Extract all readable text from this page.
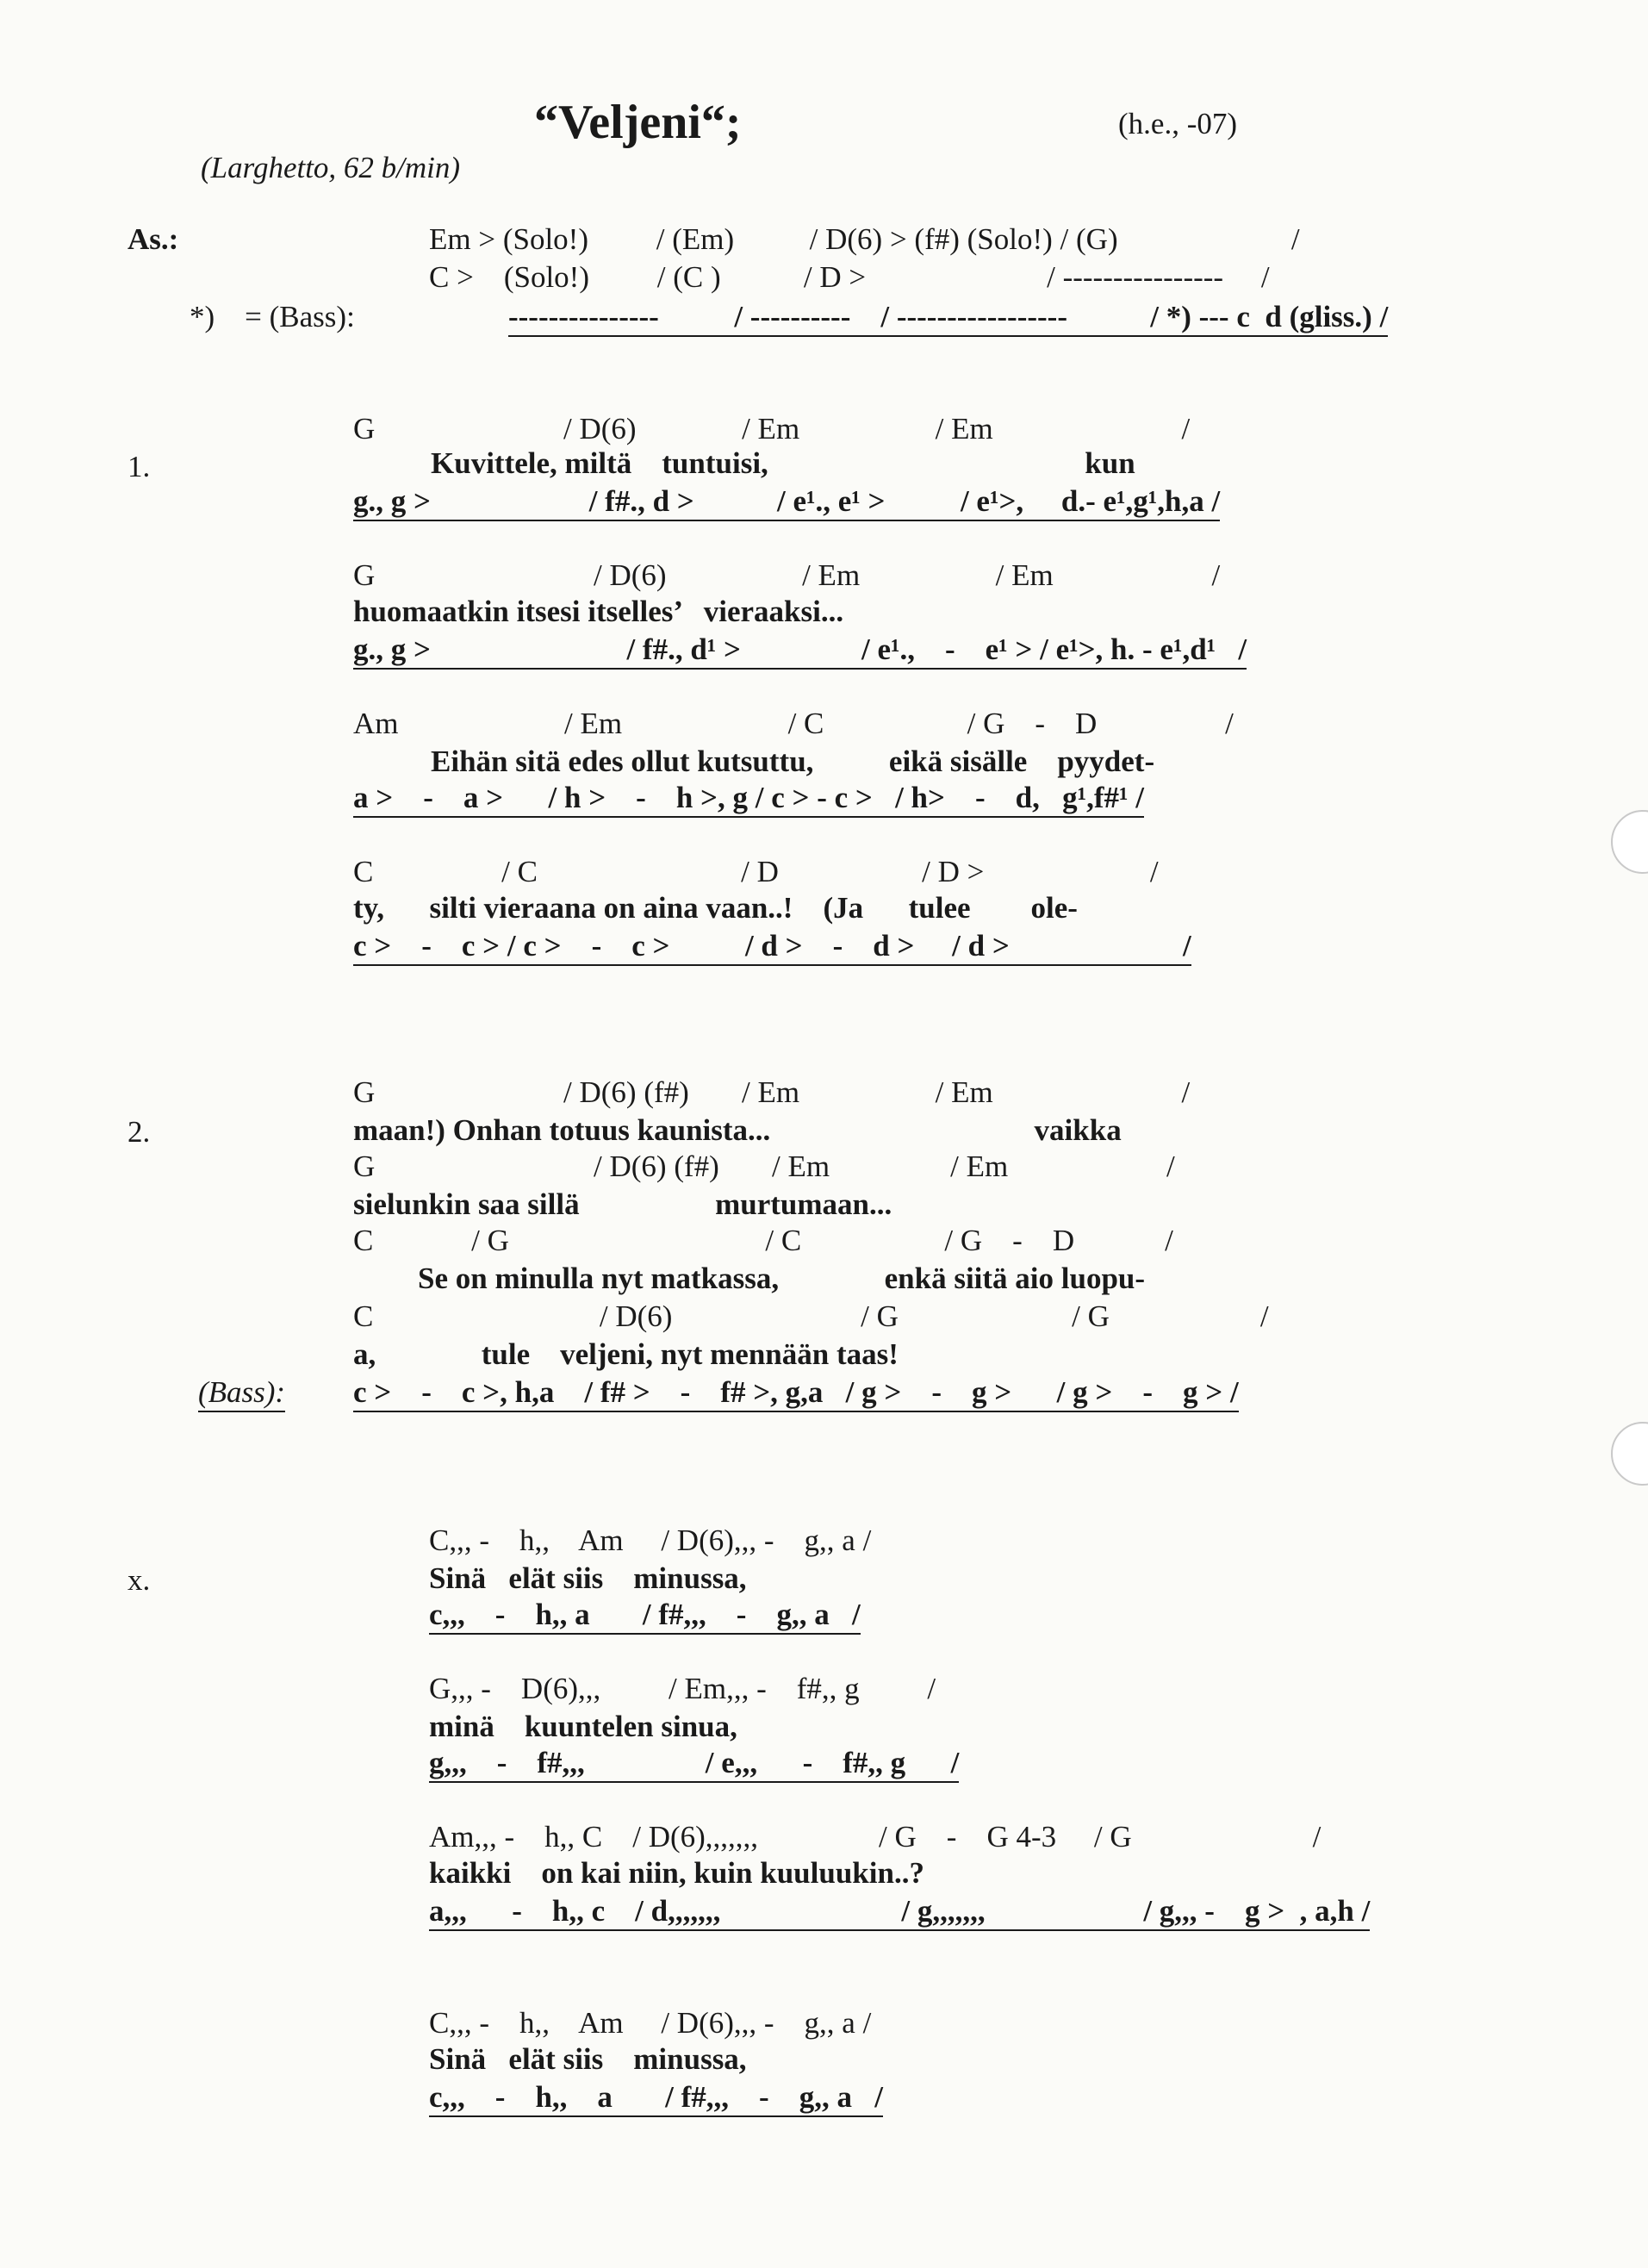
“Veljeni“;	(h.e., -07)
(Larghetto, 62 b/min)
As.:	Em > (Solo!)         / (Em)          / D(6) > (f#) (Solo!) / (G)                       /
C >    (Solo!)         / (C )           / D >                        / ----------------     /
*)    = (Bass):	---------------          / ----------    / -----------------           / *) --- c  d (gliss.) /
G                         / D(6)              / Em                  / Em                         /
1.	Kuvittele, miltä    tuntuisi,                                          kun
g., g >                     / f#., d >           / e¹., e¹ >          / e¹>,     d.- e¹,g¹,h,a /
G                             / D(6)                  / Em                  / Em                     /
huomaatkin itsesi itselles’   vieraaksi...
g., g >                          / f#., d¹ >                / e¹.,    -    e¹ > / e¹>, h. - e¹,d¹   /
Am                      / Em                      / C                   / G    -    D                 /
Eihän sitä edes ollut kutsuttu,          eikä sisälle    pyydet-
a >    -    a >      / h >    -    h >, g / c > - c >   / h>    -    d,   g¹,f#¹ /
C                 / C                           / D                   / D >                      /
ty,      silti vieraana on aina vaan..!    (Ja      tulee        ole-
c >    -    c > / c >    -    c >          / d >    -    d >     / d >                       /
G                         / D(6) (f#)       / Em                  / Em                         /
2.	maan!) Onhan totuus kaunista...                                   vaikka
G                             / D(6) (f#)       / Em                / Em                     /
sielunkin saa sillä                  murtumaan...
C             / G                                  / C                   / G    -    D            /
Se on minulla nyt matkassa,              enkä siitä aio luopu-
C                              / D(6)                         / G                       / G                    /
a,              tule    veljeni, nyt mennään taas!
(Bass): c >    -    c >, h,a    / f# >    -    f# >, g,a   / g >    -    g >      / g >    -    g > /
C,,, -    h,,    Am     / D(6),,, -    g,, a /
x.	Sinä   elät siis    minussa,
c,,,    -    h,, a       / f#,,,    -    g,, a   /
G,,, -    D(6),,,         / Em,,, -    f#,, g         /
minä    kuuntelen sinua,
g,,,    -    f#,,,                / e,,,      -    f#,, g      /
Am,,, -    h,, C    / D(6),,,,,,,                / G    -    G 4-3     / G                        /
kaikki    on kai niin, kuin kuuluukin..?
a,,,      -    h,, c    / d,,,,,,,                        / g,,,,,,,                     / g,,, -    g >  , a,h /
C,,, -    h,,    Am     / D(6),,, -    g,, a /
Sinä   elät siis    minussa,
c,,,    -    h,,    a       / f#,,,    -    g,, a   /
